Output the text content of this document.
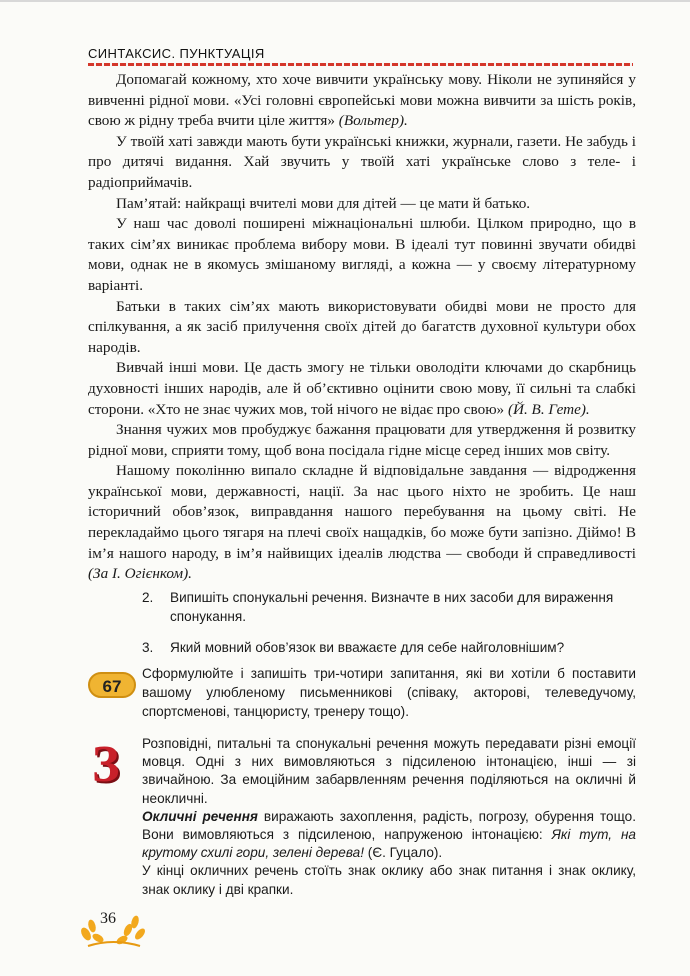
СИНТАКСИС. ПУНКТУАЦІЯ

Допомагай кожному, хто хоче вивчити українську мову. Ніколи не зупиняйся у вивченні рідної мови. «Усі головні європейські мови можна вивчити за шість років, свою ж рідну треба вчити ціле життя» (Вольтер).

У твоїй хаті завжди мають бути українські книжки, журнали, газети. Не забудь і про дитячі видання. Хай звучить у твоїй хаті українське слово з теле- і радіоприймачів.

Пам’ятай: найкращі вчителі мови для дітей — це мати й батько.

У наш час доволі поширені міжнаціональні шлюби. Цілком природно, що в таких сім’ях виникає проблема вибору мови. В ідеалі тут повинні звучати обидві мови, однак не в якомусь змішаному вигляді, а кожна — у своєму літературному варіанті.

Батьки в таких сім’ях мають використовувати обидві мови не просто для спілкування, а як засіб прилучення своїх дітей до багатств духовної культури обох народів.

Вивчай інші мови. Це дасть змогу не тільки оволодіти ключами до скарбниць духовності інших народів, але й об’єктивно оцінити свою мову, її сильні та слабкі сторони. «Хто не знає чужих мов, той нічого не відає про свою» (Й. В. Гете).

Знання чужих мов пробуджує бажання працювати для утвердження й розвитку рідної мови, сприяти тому, щоб вона посідала гідне місце серед інших мов світу.

Нашому поколінню випало складне й відповідальне завдання — відродження української мови, державності, нації. За нас цього ніхто не зробить. Це наш історичний обов’язок, виправдання нашого перебування на цьому світі. Не перекладаймо цього тягаря на плечі своїх нащадків, бо може бути запізно. Діймо! В ім’я нашого народу, в ім’я найвищих ідеалів людства — свободи й справедливості (За І. Огієнком).

2.	Випишіть спонукальні речення. Визначте в них засоби для вираження спонукання.
3.	Який мовний обов’язок ви вважаєте для себе найголовнішим?
67
Сформулюйте і запишіть три-чотири запитання, які ви хотіли б поставити вашому улюбленому письменникові (співаку, акторові, телеведучому, спортсменові, танцюристу, тренеру тощо).
З	Розповідні, питальні та спонукальні речення можуть передавати різні емоції мовця. Одні з них вимовляються з підсиленою інтонацією, інші — зі звичайною. За емоційним забарвленням речення поділяються на окличні й неокличні.

Окличні речення виражають захоплення, радість, погрозу, обурення тощо. Вони вимовляються з підсиленою, напруженою інтонацією: Які тут, на крутому схилі гори, зелені дерева! (Є. Гуцало).

У кінці окличних речень стоїть знак оклику або знак питання і знак оклику, знак оклику і дві крапки.

36
